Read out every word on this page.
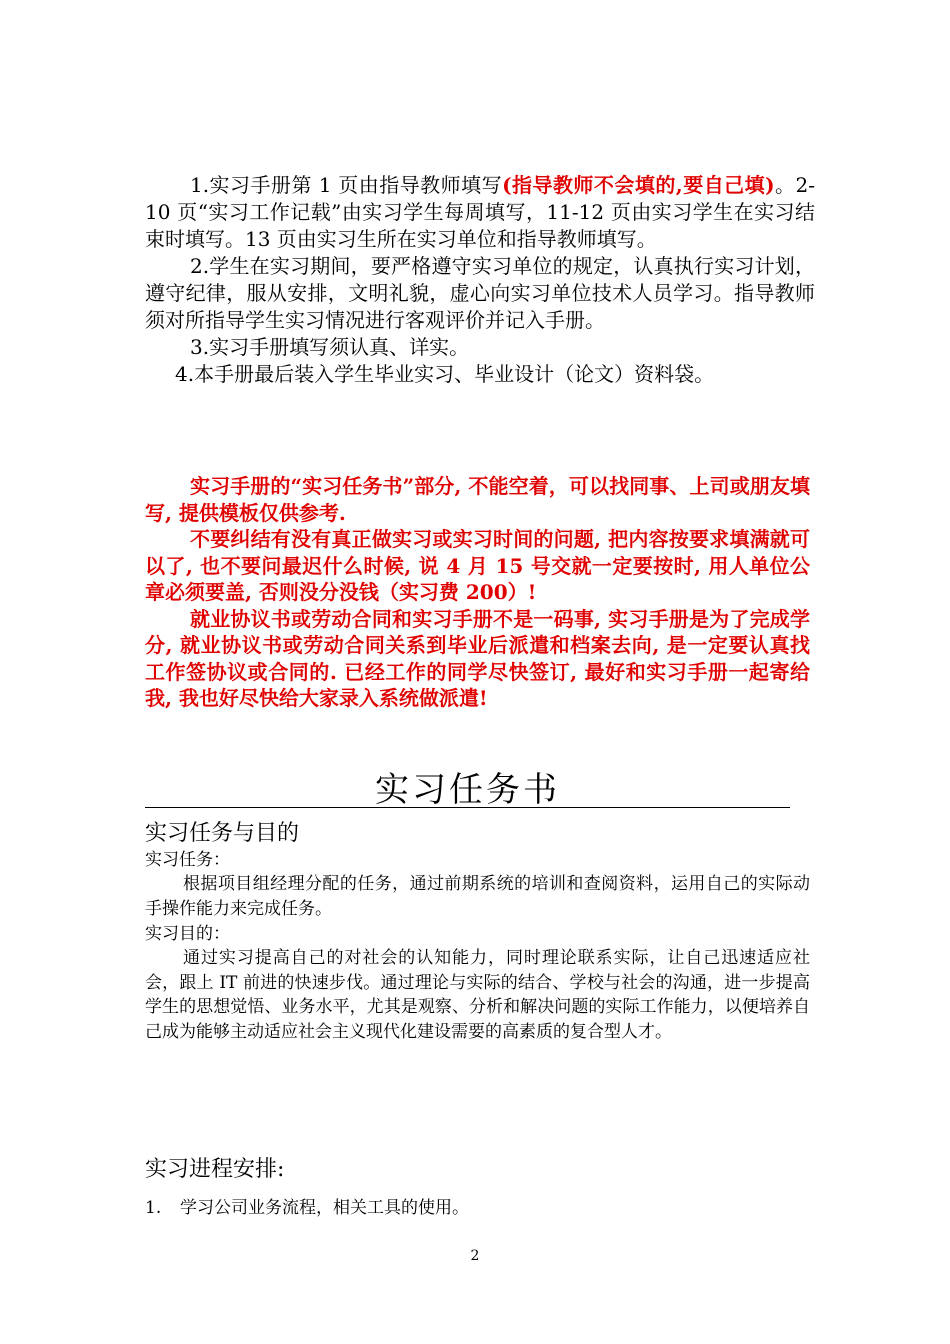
1.实习手册第 1 页由指导教师填写(指导教师不会填的,要自己填)。2-10 页“实习工作记载”由实习学生每周填写，11-12 页由实习学生在实习结束时填写。13 页由实习生所在实习单位和指导教师填写。

2.学生在实习期间，要严格遵守实习单位的规定，认真执行实习计划，遵守纪律，服从安排，文明礼貌，虚心向实习单位技术人员学习。指导教师须对所指导学生实习情况进行客观评价并记入手册。

3.实习手册填写须认真、详实。

4.本手册最后装入学生毕业实习、毕业设计（论文）资料袋。

实习手册的“实习任务书”部分, 不能空着，可以找同事、上司或朋友填写, 提供模板仅供参考.

不要纠结有没有真正做实习或实习时间的问题, 把内容按要求填满就可以了, 也不要问最迟什么时候, 说 4 月 15 号交就一定要按时, 用人单位公章必须要盖, 否则没分没钱（实习费 200）!

就业协议书或劳动合同和实习手册不是一码事, 实习手册是为了完成学分, 就业协议书或劳动合同关系到毕业后派遣和档案去向, 是一定要认真找工作签协议或合同的. 已经工作的同学尽快签订, 最好和实习手册一起寄给我, 我也好尽快给大家录入系统做派遣!

实习任务书
实习任务与目的
实习任务：

根据项目组经理分配的任务，通过前期系统的培训和查阅资料，运用自己的实际动手操作能力来完成任务。

实习目的：

通过实习提高自己的对社会的认知能力，同时理论联系实际，让自己迅速适应社会，跟上 IT 前进的快速步伐。通过理论与实际的结合、学校与社会的沟通，进一步提高学生的思想觉悟、业务水平，尤其是观察、分析和解决问题的实际工作能力，以便培养自己成为能够主动适应社会主义现代化建设需要的高素质的复合型人才。

实习进程安排:
1. 学习公司业务流程，相关工具的使用。
2
